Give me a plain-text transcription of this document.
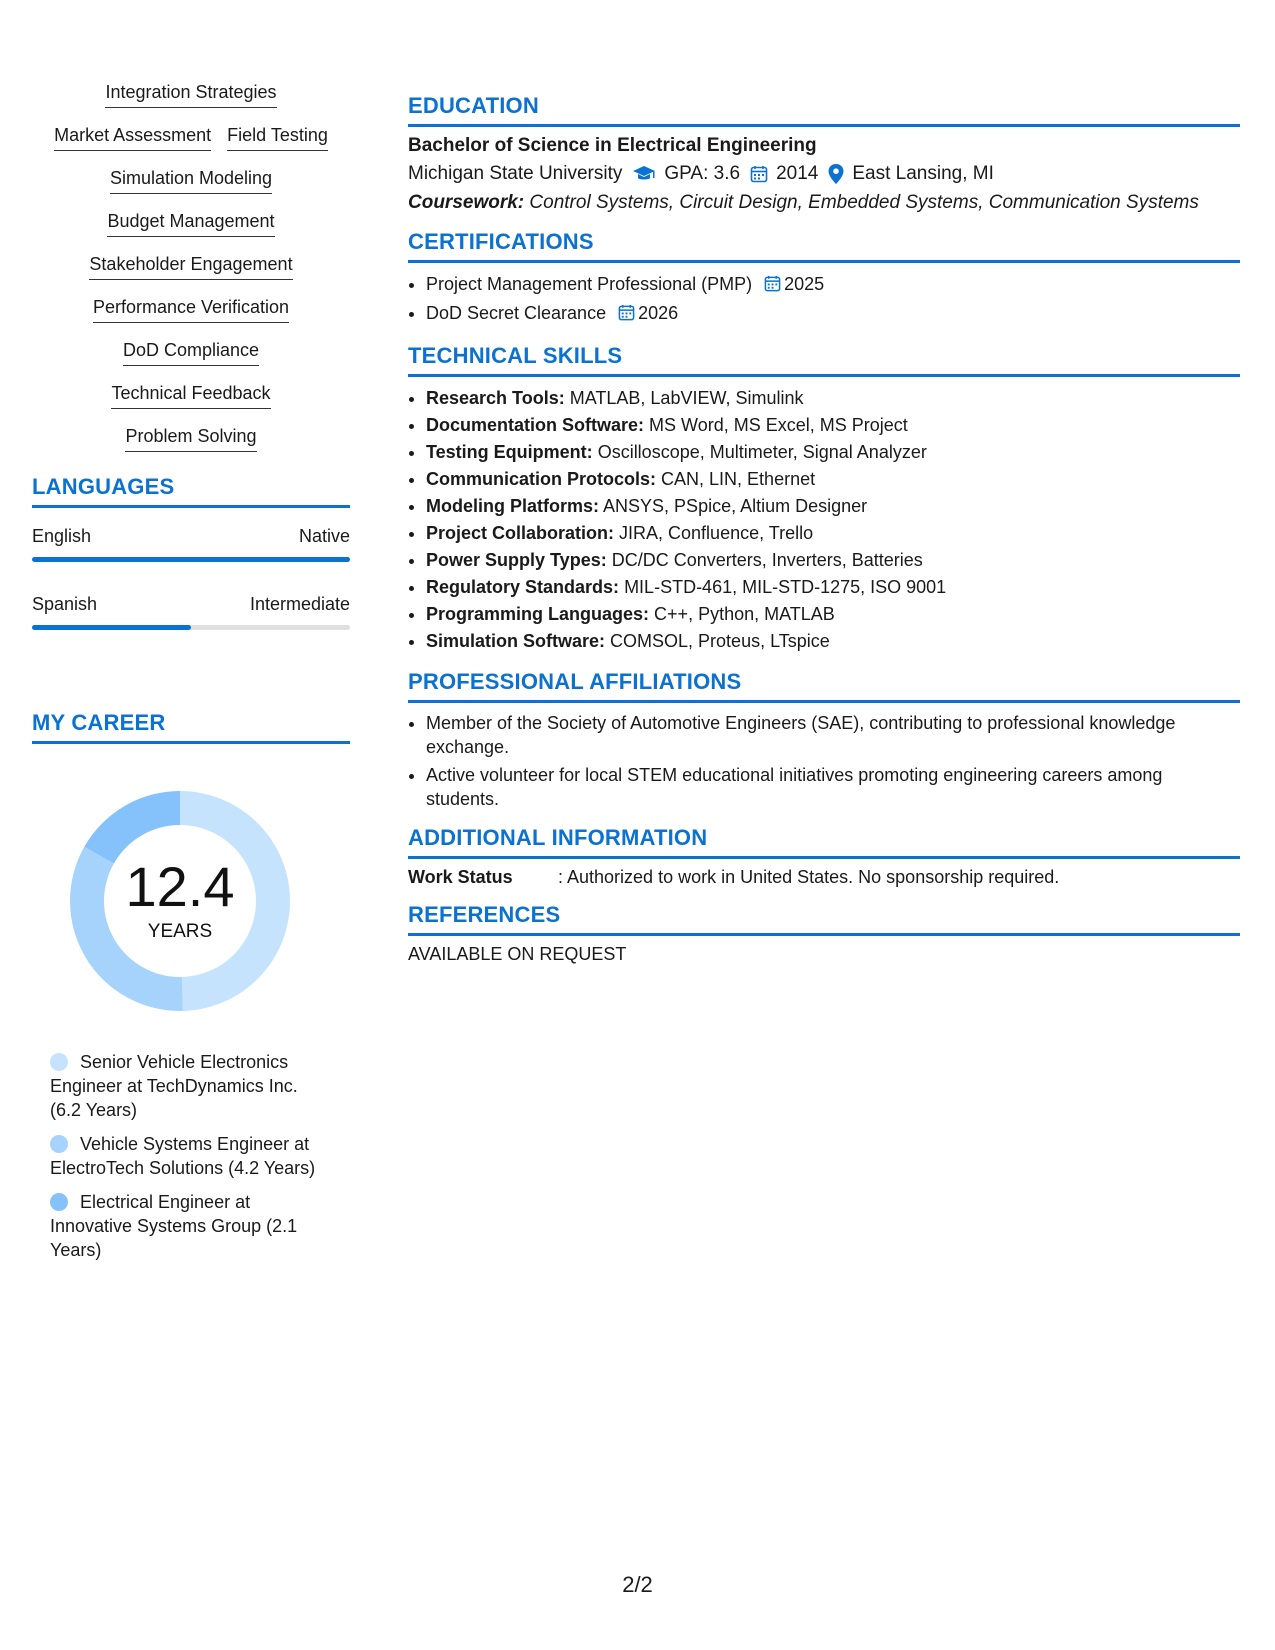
Integration Strategies
Market Assessment Field Testing
Simulation Modeling
Budget Management
Stakeholder Engagement
Performance Verification
DoD Compliance
Technical Feedback
Problem Solving
LANGUAGES
English	Native
Spanish	Intermediate
MY CAREER
12.4
YEARS
Senior Vehicle Electronics Engineer at TechDynamics Inc. (6.2 Years)
Vehicle Systems Engineer at ElectroTech Solutions (4.2 Years)
Electrical Engineer at Innovative Systems Group (2.1 Years)
EDUCATION
Bachelor of Science in Electrical Engineering
Michigan State University GPA: 3.6 2014 East Lansing, MI
Coursework: Control Systems, Circuit Design, Embedded Systems, Communication Systems
CERTIFICATIONS
• Project Management Professional (PMP) 2025
• DoD Secret Clearance 2026
TECHNICAL SKILLS
• Research Tools: MATLAB, LabVIEW, Simulink
• Documentation Software: MS Word, MS Excel, MS Project
• Testing Equipment: Oscilloscope, Multimeter, Signal Analyzer
• Communication Protocols: CAN, LIN, Ethernet
• Modeling Platforms: ANSYS, PSpice, Altium Designer
• Project Collaboration: JIRA, Confluence, Trello
• Power Supply Types: DC/DC Converters, Inverters, Batteries
• Regulatory Standards: MIL-STD-461, MIL-STD-1275, ISO 9001
• Programming Languages: C++, Python, MATLAB
• Simulation Software: COMSOL, Proteus, LTspice
PROFESSIONAL AFFILIATIONS
• Member of the Society of Automotive Engineers (SAE), contributing to professional knowledge exchange.
• Active volunteer for local STEM educational initiatives promoting engineering careers among students.
ADDITIONAL INFORMATION
Work Status	: Authorized to work in United States. No sponsorship required.
REFERENCES
AVAILABLE ON REQUEST
2/2
